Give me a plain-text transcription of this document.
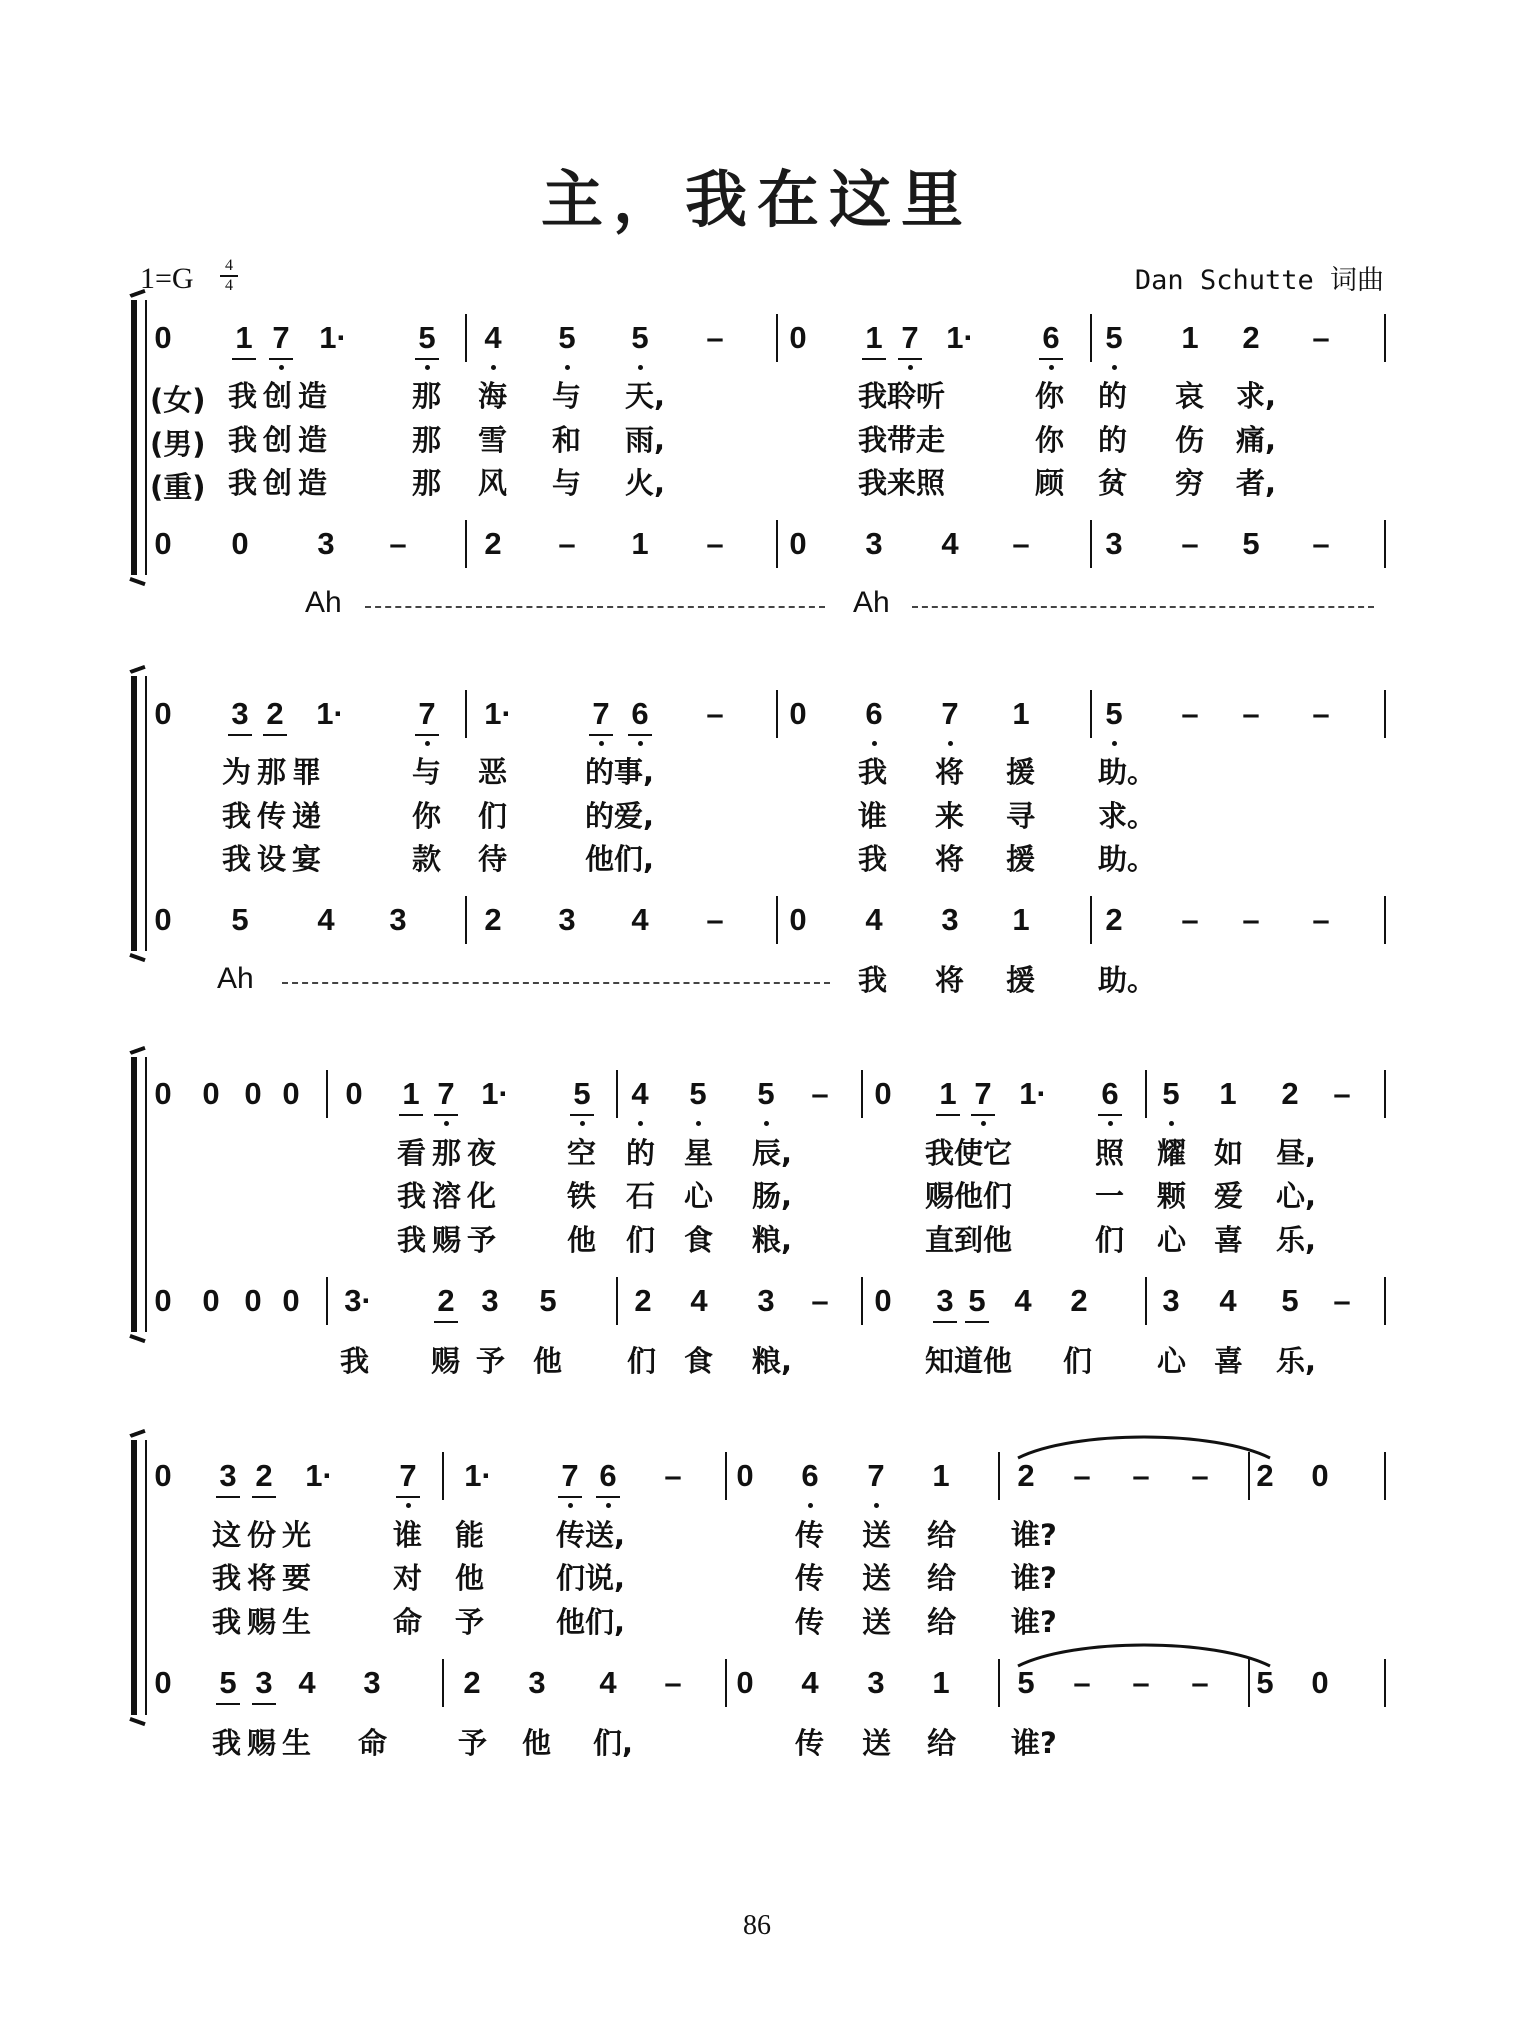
主，我在这里
1=G	4
4	Dan Schutte 词曲
0 1 7 1· 5 4 5 5 – 0 1 7 1· 6 5 1 2 –
(女)
(男)
(重)
我创造	那 海 与 天,	我聆听	你 的 哀 求,
我创造	那 雪 和 雨,	我带走	你 的 伤 痛,
我创造	那 风 与 火,	我来照	顾 贫 穷 者,
0 0 3 –	2 – 1 – 0 3 4 – 3 – 5 –
Ah	Ah
0 3 2 1· 7 1·	7 6 – 0 6 7 1 5 – – –
为那罪	与 恶	的事,	我 将 援 助。
我传递	你 们	的爱,	谁 来 寻 求。
我设宴	款 待	他们,	我 将 援 助。
0 5 4 3	2 3 4 – 0 4 3 1 2 – – –
Ah	我 将 援 助。
0 0 0 0 0 1 7 1· 5 4 5 5 – 0 1 7 1· 6 5 1 2 –
看那夜 空 的 星 辰,	我使它	照 耀 如 昼,
我溶化 铁 石 心 肠,	赐他们	一 颗 爱 心,
我赐予 他 们 食 粮,	直到他	们 心 喜 乐,
0 0 0 0 3· 2 3 5	2 4 3 – 0 3 5 4 2 3 4 5 –
我 赐 予 他 们 食 粮,	知道他 们 心 喜 乐,
0 3 2 1· 7 1· 7 6 – 0 6 7 1 2 – – – 2 0
这份光	谁 能 传送,	传 送 给 谁?
我将要	对 他 们说,	传 送 给 谁?
我赐生	命 予 他们,	传 送 给 谁?
0 5 3 4 3	2 3 4 – 0 4 3 1 5 – – – 5 0
我赐生 命 予 他 们,	传 送 给 谁?
86
